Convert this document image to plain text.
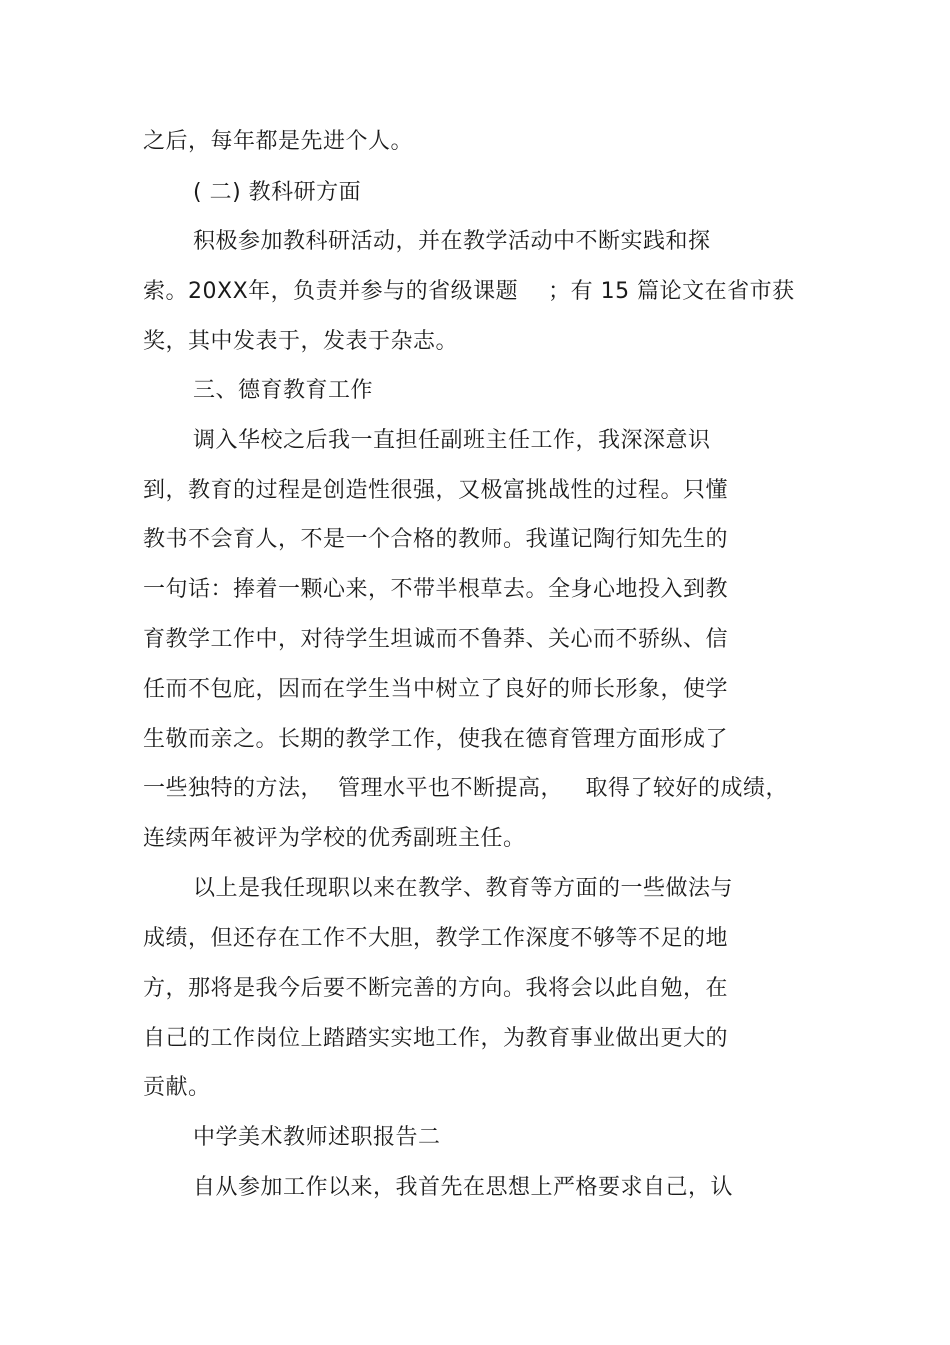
之后，每年都是先进个人。
( 二) 教科研方面
积极参加教科研活动，并在教学活动中不断实践和探
索。20XX年，负责并参与的省级课题    ；有 15 篇论文在省市获
奖，其中发表于，发表于杂志。
三、德育教育工作
调入华校之后我一直担任副班主任工作，我深深意识
到，教育的过程是创造性很强，又极富挑战性的过程。只懂
教书不会育人，不是一个合格的教师。我谨记陶行知先生的
一句话：捧着一颗心来，不带半根草去。全身心地投入到教
育教学工作中，对待学生坦诚而不鲁莽、关心而不骄纵、信
任而不包庇，因而在学生当中树立了良好的师长形象，使学
生敬而亲之。长期的教学工作，使我在德育管理方面形成了
一些独特的方法，  管理水平也不断提高，   取得了较好的成绩，
连续两年被评为学校的优秀副班主任。
以上是我任现职以来在教学、教育等方面的一些做法与
成绩，但还存在工作不大胆，教学工作深度不够等不足的地
方，那将是我今后要不断完善的方向。我将会以此自勉，在
自己的工作岗位上踏踏实实地工作，为教育事业做出更大的
贡献。
中学美术教师述职报告二
自从参加工作以来，我首先在思想上严格要求自己，认
